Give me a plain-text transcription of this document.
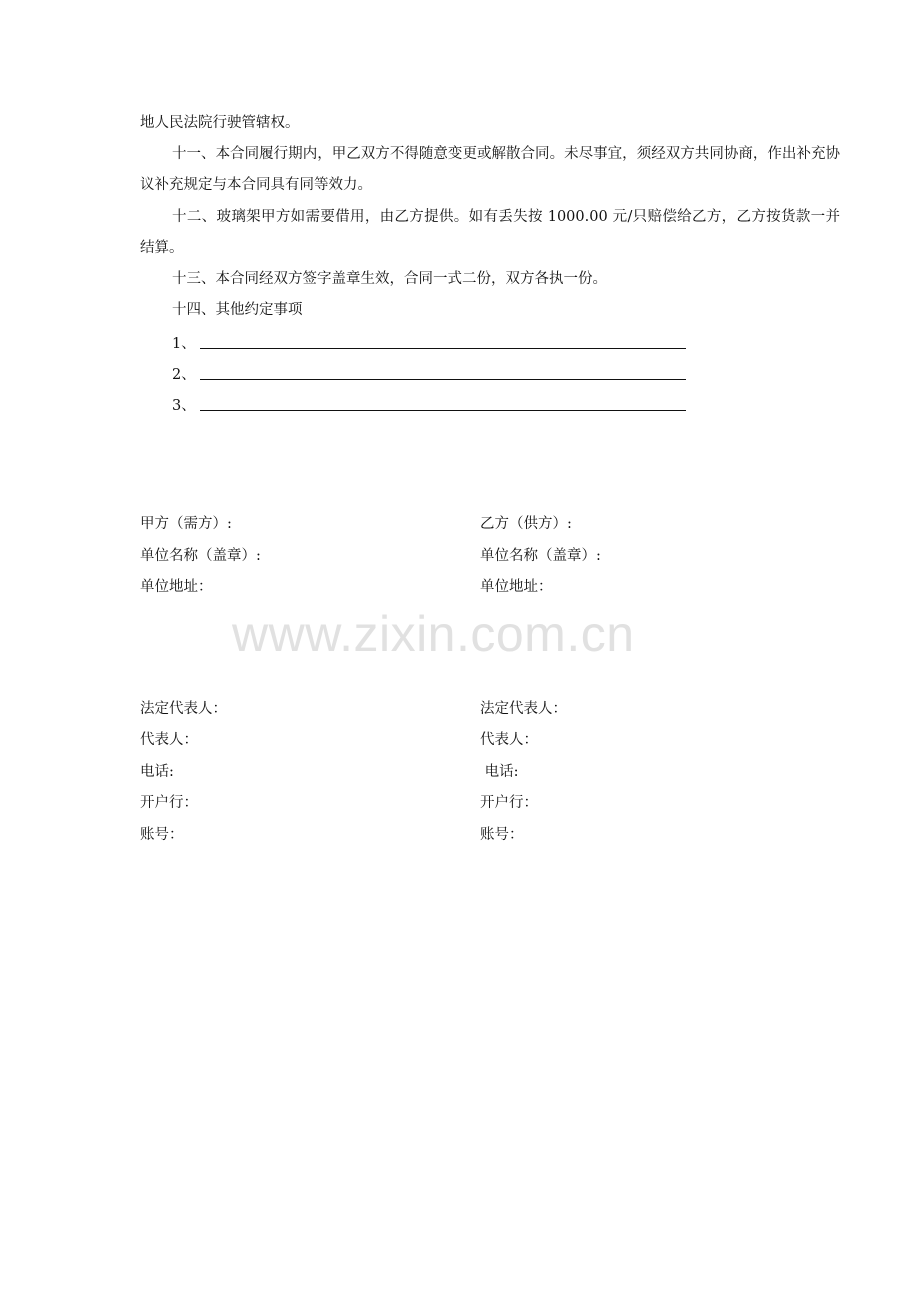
地人民法院行驶管辖权。
十一、本合同履行期内，甲乙双方不得随意变更或解散合同。未尽事宜，须经双方共同协商，作出补充协议补充规定与本合同具有同等效力。
十二、玻璃架甲方如需要借用，由乙方提供。如有丢失按 1000.00 元/只赔偿给乙方，乙方按货款一并结算。
十三、本合同经双方签字盖章生效，合同一式二份，双方各执一份。
十四、其他约定事项
1、
2、
3、
甲方（需方）:
单位名称（盖章）:
单位地址：
乙方（供方）:
单位名称（盖章）:
单位地址：
www.zixin.com.cn
法定代表人：
代表人：
电话:
开户行：
账号：
法定代表人：
代表人：
电话:
开户行：
账号：
